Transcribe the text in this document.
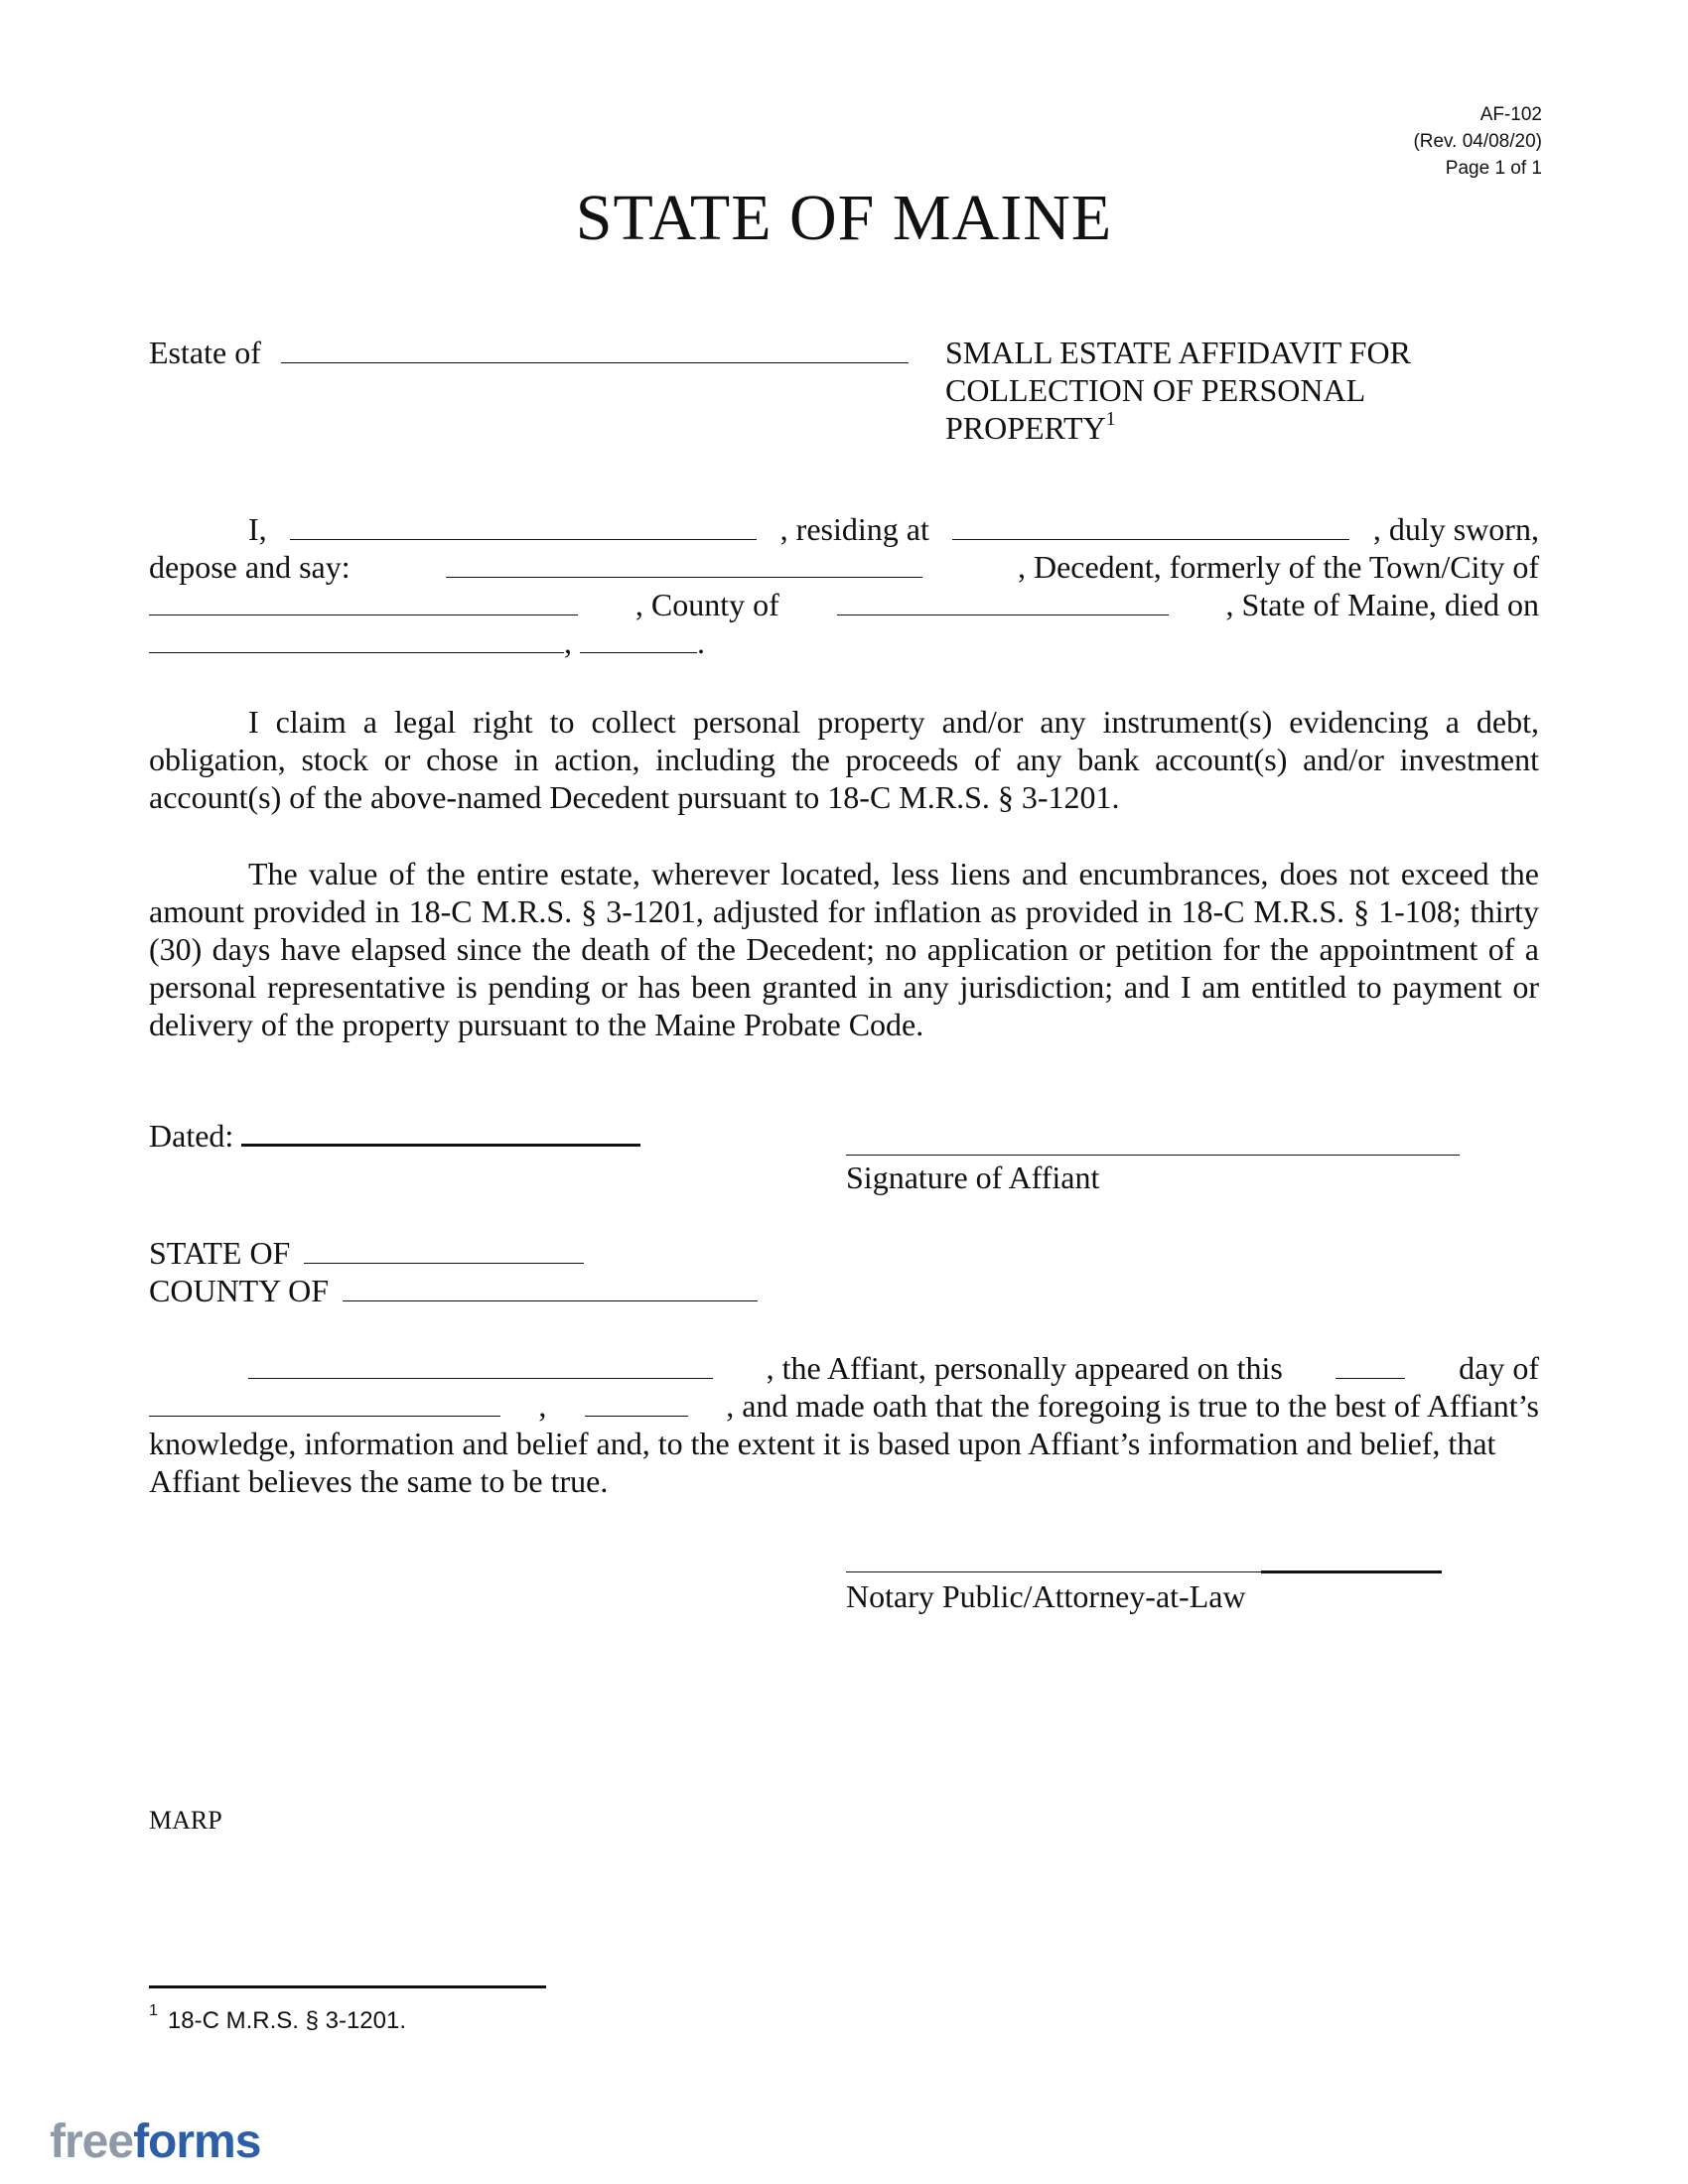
AF-102
(Rev. 04/08/20)
Page 1 of 1
STATE OF MAINE
Estate of	SMALL ESTATE AFFIDAVIT FOR
COLLECTION OF PERSONAL
PROPERTY$^1$
I,	, residing at	, duly sworn,
depose and say:	, Decedent, formerly of the Town/City of
, County of	, State of Maine, died on
,	.
I claim a legal right to collect personal property and/or any instrument(s) evidencing a debt, obligation, stock or chose in action, including the proceeds of any bank account(s) and/or investment account(s) of the above-named Decedent pursuant to 18-C M.R.S. § 3-1201.
The value of the entire estate, wherever located, less liens and encumbrances, does not exceed the amount provided in 18-C M.R.S. § 3-1201, adjusted for inflation as provided in 18-C M.R.S. § 1-108; thirty (30) days have elapsed since the death of the Decedent; no application or petition for the appointment of a personal representative is pending or has been granted in any jurisdiction; and I am entitled to payment or delivery of the property pursuant to the Maine Probate Code.
Dated:
Signature of Affiant
STATE OF
COUNTY OF
, the Affiant, personally appeared on this	day of
,	, and made oath that the foregoing is true to the best of Affiant’s
knowledge, information and belief and, to the extent it is based upon Affiant’s information and belief, that
Affiant believes the same to be true.
Notary Public/Attorney-at-Law
MARP
$^1$ 18-C M.R.S. § 3-1201.
freeforms
